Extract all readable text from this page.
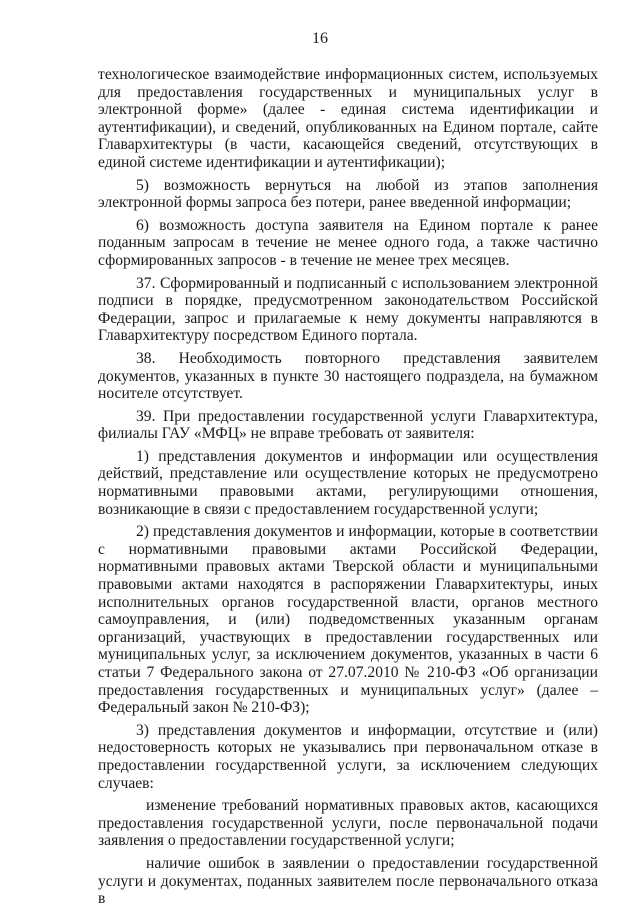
16

технологическое взаимодействие информационных систем, используемых для предоставления государственных и муниципальных услуг в электронной форме» (далее - единая система идентификации и аутентификации), и сведений, опубликованных на Едином портале, сайте Главархитектуры (в части, касающейся сведений, отсутствующих в единой системе идентификации и аутентификации);

5) возможность вернуться на любой из этапов заполнения электронной формы запроса без потери, ранее введенной информации;

6) возможность доступа заявителя на Едином портале к ранее поданным запросам в течение не менее одного года, а также частично сформированных запросов - в течение не менее трех месяцев.

37. Сформированный и подписанный с использованием электронной подписи в порядке, предусмотренном законодательством Российской Федерации, запрос и прилагаемые к нему документы направляются в Главархитектуру посредством Единого портала.

38. Необходимость повторного представления заявителем документов, указанных в пункте 30 настоящего подраздела, на бумажном носителе отсутствует.

39. При предоставлении государственной услуги Главархитектура, филиалы ГАУ «МФЦ» не вправе требовать от заявителя:

1) представления документов и информации или осуществления действий, представление или осуществление которых не предусмотрено нормативными правовыми актами, регулирующими отношения, возникающие в связи с предоставлением государственной услуги;

2) представления документов и информации, которые в соответствии с нормативными правовыми актами Российской Федерации, нормативными правовых актами Тверской области и муниципальными правовыми актами находятся в распоряжении Главархитектуры, иных исполнительных органов государственной власти, органов местного самоуправления, и (или) подведомственных указанным органам организаций, участвующих в предоставлении государственных или муниципальных услуг, за исключением документов, указанных в части 6 статьи 7 Федерального закона от 27.07.2010 № 210-ФЗ «Об организации предоставления государственных и муниципальных услуг» (далее – Федеральный закон № 210-ФЗ);

3) представления документов и информации, отсутствие и (или) недостоверность которых не указывались при первоначальном отказе в предоставлении государственной услуги, за исключением следующих случаев:

изменение требований нормативных правовых актов, касающихся предоставления государственной услуги, после первоначальной подачи заявления о предоставлении государственной услуги;

наличие ошибок в заявлении о предоставлении государственной услуги и документах, поданных заявителем после первоначального отказа в
